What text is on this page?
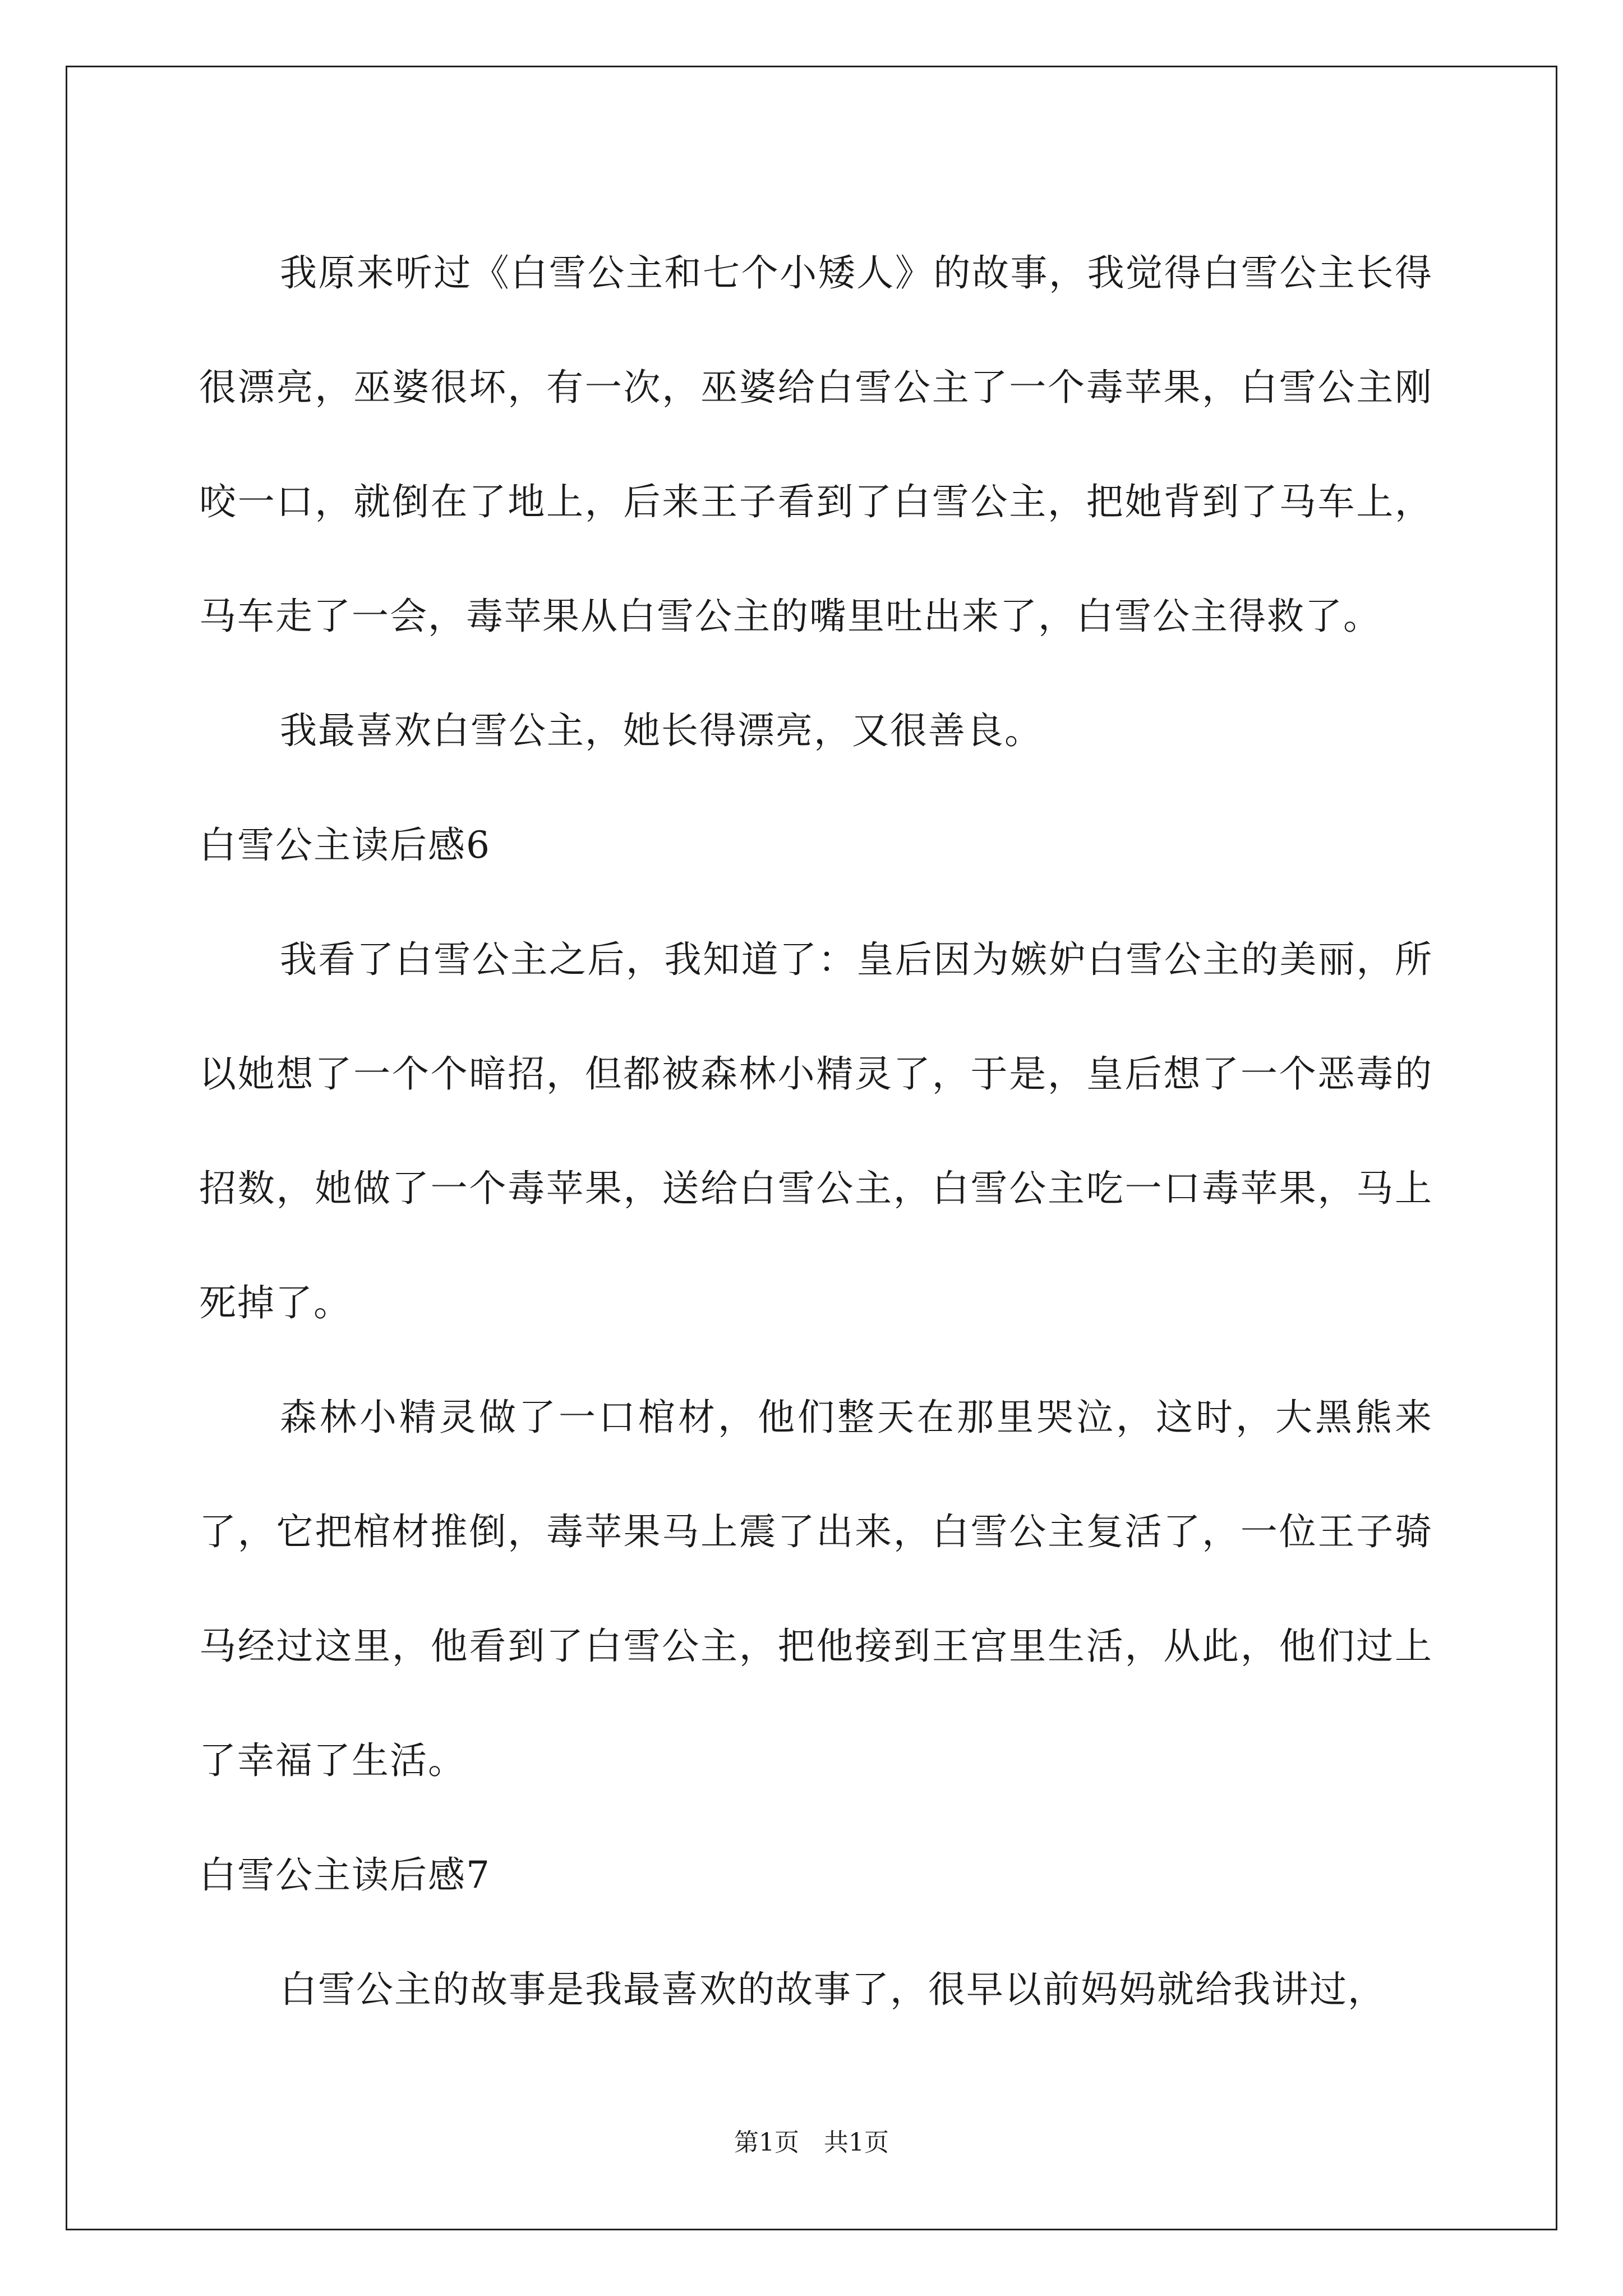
我原来听过《白雪公主和七个小矮人》的故事，我觉得白雪公主长得很漂亮，巫婆很坏，有一次，巫婆给白雪公主了一个毒苹果，白雪公主刚咬一口，就倒在了地上，后来王子看到了白雪公主，把她背到了马车上，马车走了一会，毒苹果从白雪公主的嘴里吐出来了，白雪公主得救了。

我最喜欢白雪公主，她长得漂亮，又很善良。

白雪公主读后感6

我看了白雪公主之后，我知道了：皇后因为嫉妒白雪公主的美丽，所以她想了一个个暗招，但都被森林小精灵了，于是，皇后想了一个恶毒的招数，她做了一个毒苹果，送给白雪公主，白雪公主吃一口毒苹果，马上死掉了。

森林小精灵做了一口棺材，他们整天在那里哭泣，这时，大黑熊来了，它把棺材推倒，毒苹果马上震了出来，白雪公主复活了，一位王子骑马经过这里，他看到了白雪公主，把他接到王宫里生活，从此，他们过上了幸福了生活。

白雪公主读后感7

白雪公主的故事是我最喜欢的故事了，很早以前妈妈就给我讲过，

第1页　共1页
